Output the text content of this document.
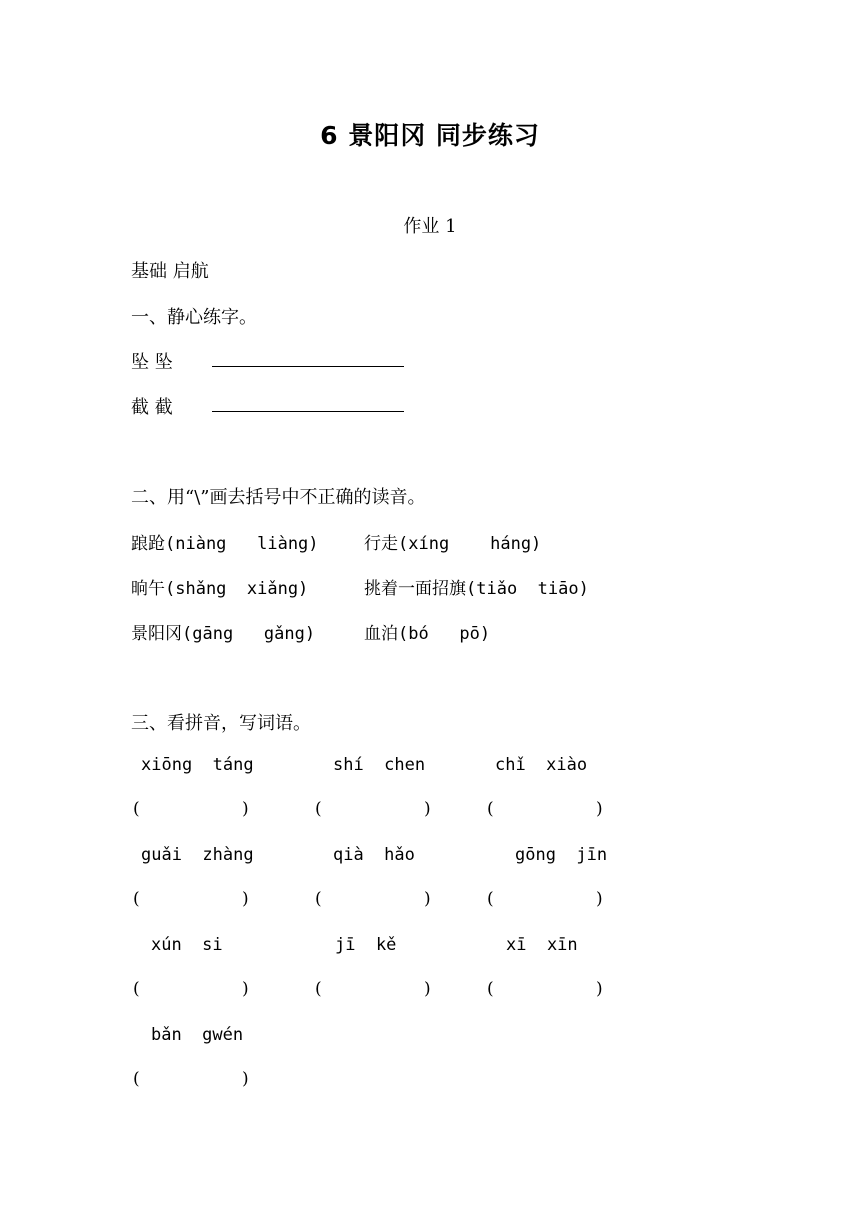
6 景阳冈 同步练习
作业 1
基础 启航
一、静心练字。
坠 坠
截 截
二、用“\”画去括号中不正确的读音。
踉跄(niàng   liàng)	行走(xíng    háng)
晌午(shǎng  xiǎng)	挑着一面招旗(tiǎo  tiāo)
景阳冈(gāng   gǎng)	血泊(bó   pō)
三、看拼音，写词语。
xiōng  táng	shí  chen	chǐ  xiào
(	)	(	)	(	)
guǎi  zhàng	qià  hǎo	gōng  jīn
(	)	(	)	(	)
xún  si	jī  kě	xī  xīn
(	)	(	)	(	)
bǎn  gwén
(	)
